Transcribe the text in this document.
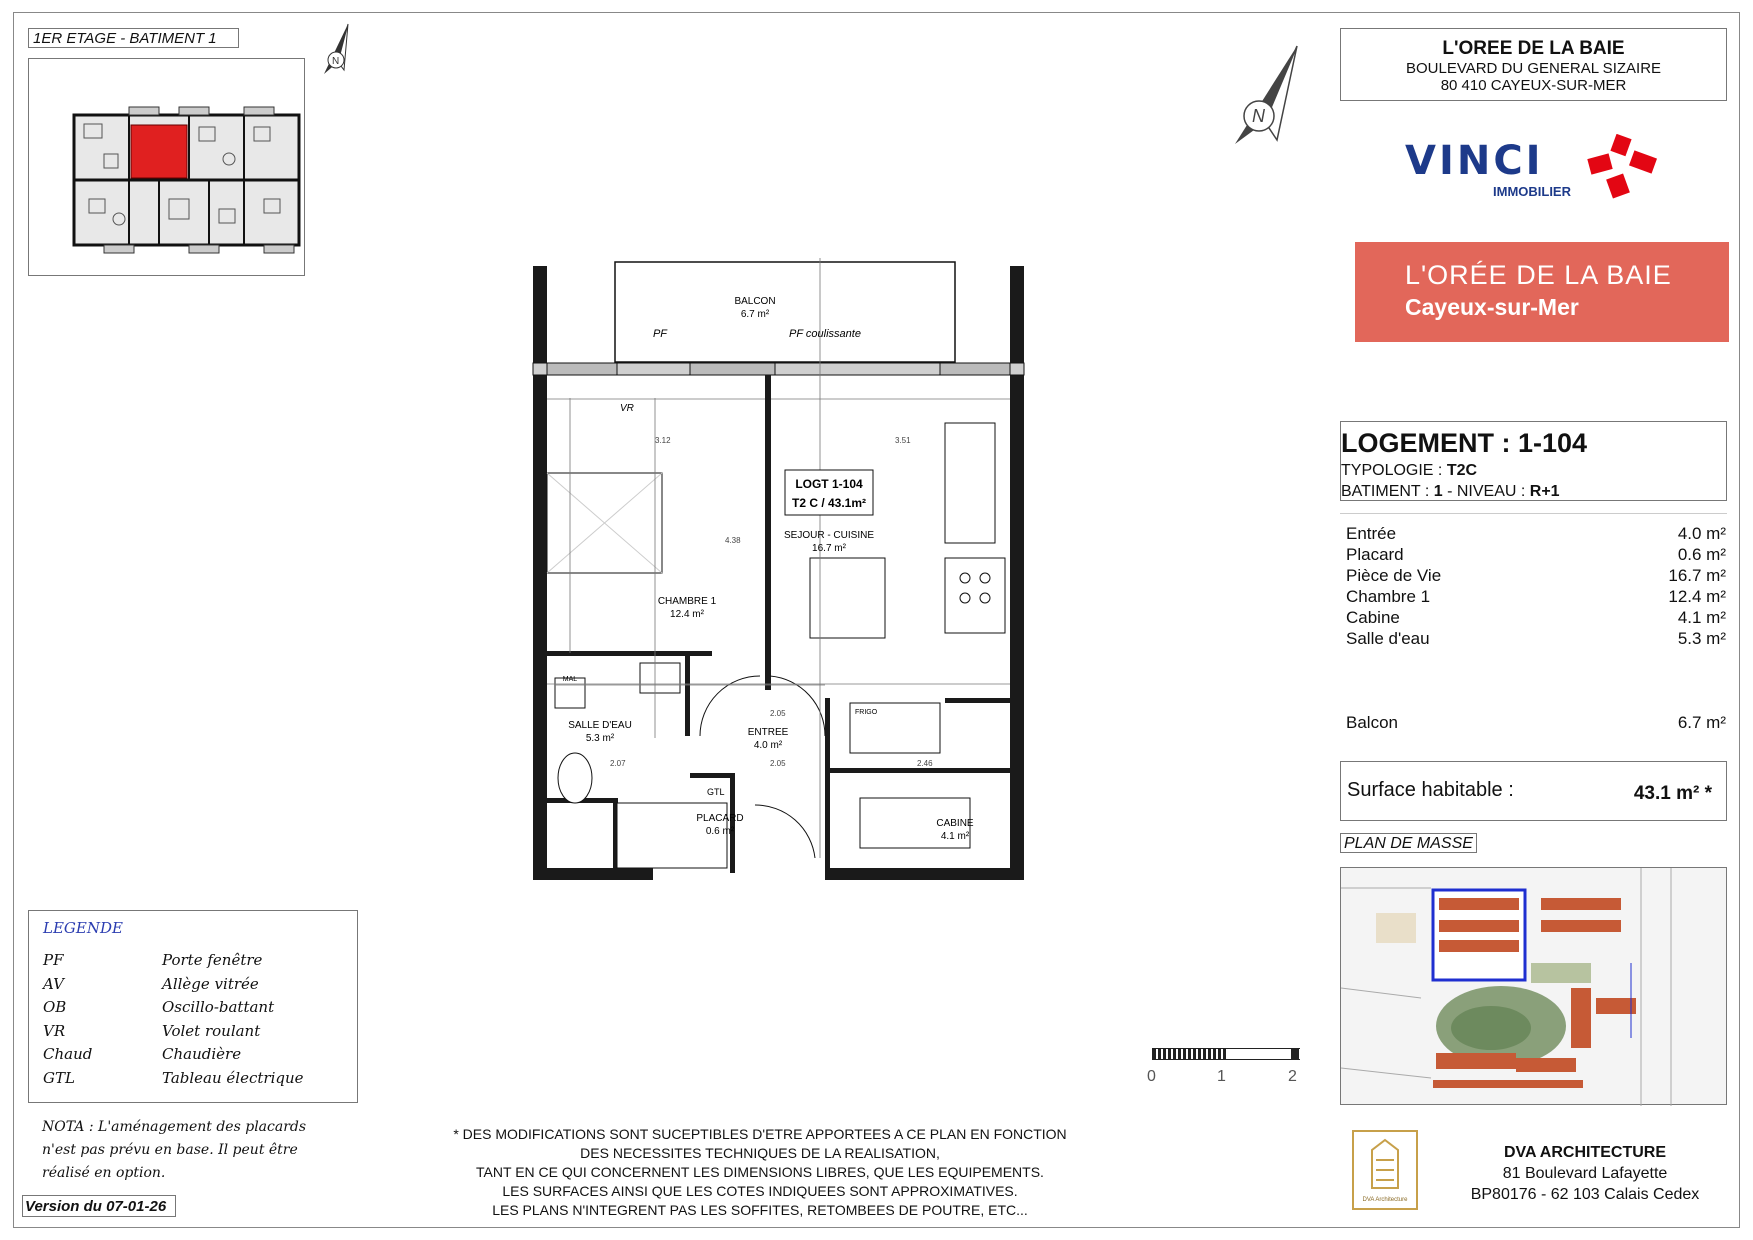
1ER ETAGE - BATIMENT 1
N
N
L'OREE DE LA BAIE
BOULEVARD DU GENERAL SIZAIRE
80 410 CAYEUX-SUR-MER
VINCI
IMMOBILIER
L'ORÉE DE LA BAIE
Cayeux-sur-Mer
LOGEMENT : 1-104
TYPOLOGIE : T2C
BATIMENT : 1 - NIVEAU : R+1
Entrée	4.0 m²
Placard	0.6 m²
Pièce de Vie	16.7 m²
Chambre 1	12.4 m²
Cabine	4.1 m²
Salle d'eau	5.3 m²
Balcon	6.7 m²
Surface habitable :	43.1 m² *
PLAN DE MASSE
BALCON
6.7 m²
PF	PF coulissante
VR
LOGT 1-104
T2 C / 43.1m²
SEJOUR - CUISINE
16.7 m²
CHAMBRE 1
12.4 m²
SALLE D'EAU
5.3 m²
ENTREE
4.0 m²
PLACARD
0.6 m²
CABINE
4.1 m²
MAL
FRIGO
GTL
3.12	3.51
4.38
2.05
2.07	2.05	2.46
LEGENDE
PF	Porte fenêtre
AV	Allège vitrée
OB	Oscillo-battant
VR	Volet roulant
Chaud	Chaudière
GTL	Tableau électrique
NOTA : L'aménagement des placards
n'est pas prévu en base. Il peut être
réalisé en option.
Version du 07-01-26
* DES MODIFICATIONS SONT SUCEPTIBLES D'ETRE APPORTEES A CE PLAN EN FONCTION
DES NECESSITES TECHNIQUES DE LA REALISATION,
TANT EN CE QUI CONCERNENT LES DIMENSIONS LIBRES, QUE LES EQUIPEMENTS.
LES SURFACES AINSI QUE LES COTES INDIQUEES SONT APPROXIMATIVES.
LES PLANS N'INTEGRENT PAS LES SOFFITES, RETOMBEES DE POUTRE, ETC...
0	1	2
DVA Architecture
DVA ARCHITECTURE
81 Boulevard Lafayette
BP80176 - 62 103 Calais Cedex
